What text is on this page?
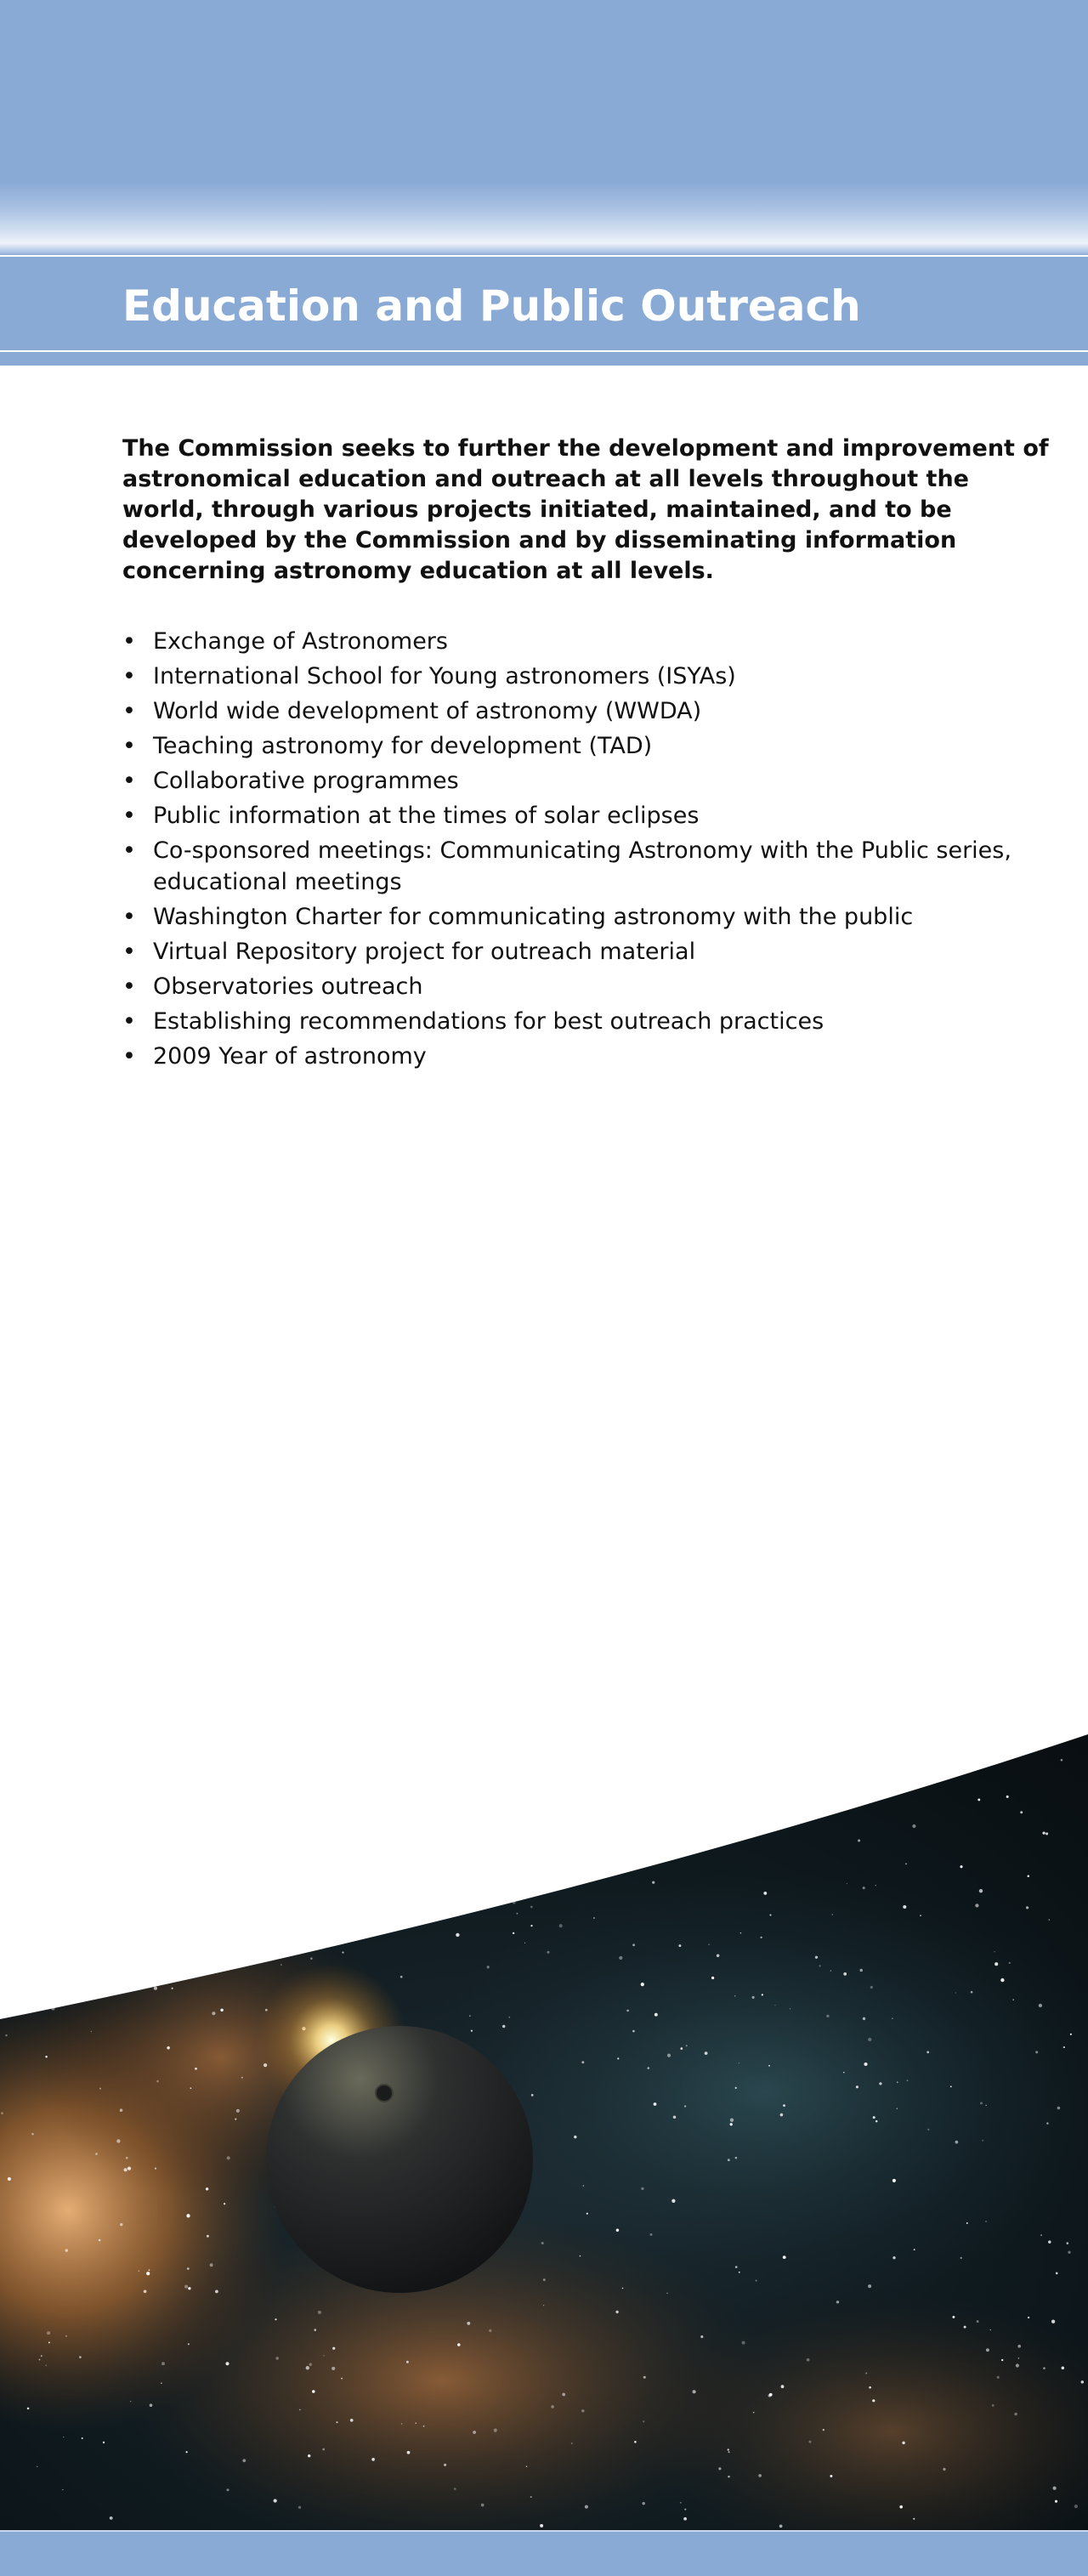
Education and Public Outreach

The Commission seeks to further the development and improvement of astronomical education and outreach at all levels throughout the world, through various projects initiated, maintained, and to be developed by the Commission and by disseminating information concerning astronomy education at all levels.

• Exchange of Astronomers
• International School for Young astronomers (ISYAs)
• World wide development of astronomy (WWDA)
• Teaching astronomy for development (TAD)
• Collaborative programmes
• Public information at the times of solar eclipses
• Co-sponsored meetings: Communicating Astronomy with the Public series, educational meetings
• Washington Charter for communicating astronomy with the public
• Virtual Repository project for outreach material
• Observatories outreach
• Establishing recommendations for best outreach practices
• 2009 Year of astronomy
